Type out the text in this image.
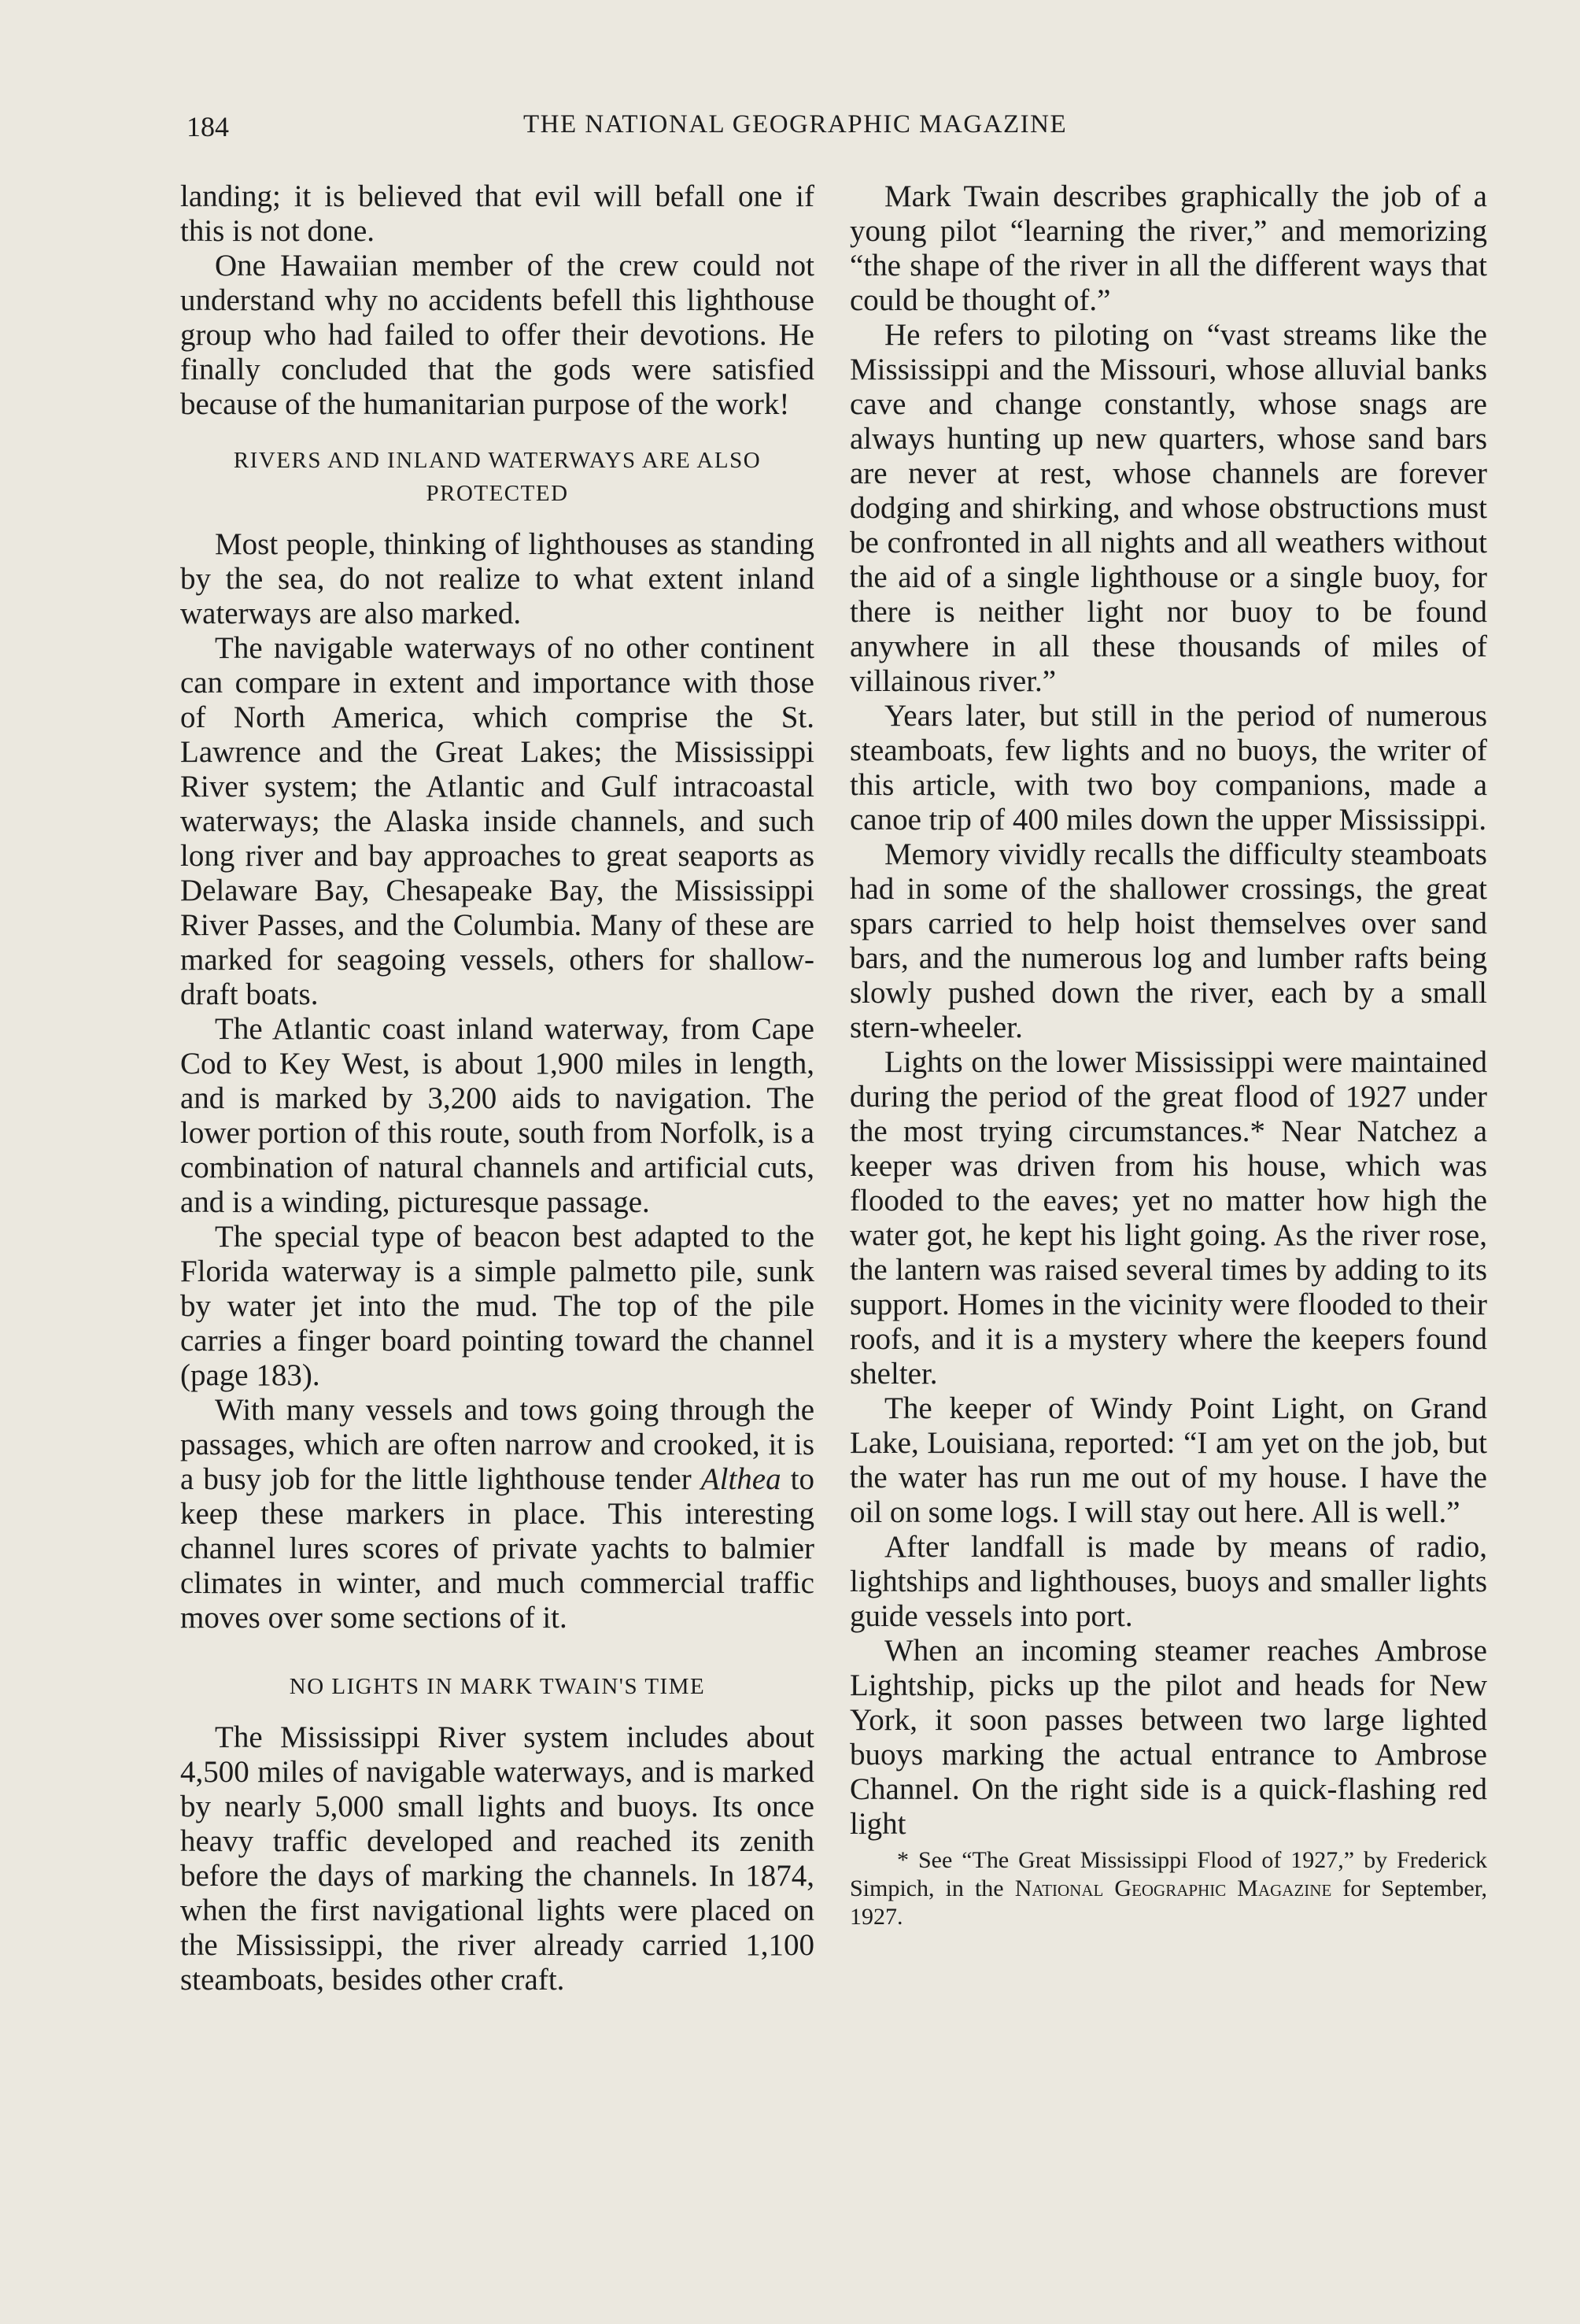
184	THE NATIONAL GEOGRAPHIC MAGAZINE

landing; it is believed that evil will befall one if this is not done.

One Hawaiian member of the crew could not understand why no accidents befell this lighthouse group who had failed to offer their devotions. He finally concluded that the gods were satisfied because of the humanitarian purpose of the work!

RIVERS AND INLAND WATERWAYS ARE ALSO PROTECTED

Most people, thinking of lighthouses as standing by the sea, do not realize to what extent inland waterways are also marked.

The navigable waterways of no other continent can compare in extent and importance with those of North America, which comprise the St. Lawrence and the Great Lakes; the Mississippi River system; the Atlantic and Gulf intracoastal waterways; the Alaska inside channels, and such long river and bay approaches to great seaports as Delaware Bay, Chesapeake Bay, the Mississippi River Passes, and the Columbia. Many of these are marked for seagoing vessels, others for shallow-draft boats.

The Atlantic coast inland waterway, from Cape Cod to Key West, is about 1,900 miles in length, and is marked by 3,200 aids to navigation. The lower portion of this route, south from Norfolk, is a combination of natural channels and artificial cuts, and is a winding, picturesque passage.

The special type of beacon best adapted to the Florida waterway is a simple palmetto pile, sunk by water jet into the mud. The top of the pile carries a finger board pointing toward the channel (page 183).

With many vessels and tows going through the passages, which are often narrow and crooked, it is a busy job for the little lighthouse tender Althea to keep these markers in place. This interesting channel lures scores of private yachts to balmier climates in winter, and much commercial traffic moves over some sections of it.

NO LIGHTS IN MARK TWAIN'S TIME

The Mississippi River system includes about 4,500 miles of navigable waterways, and is marked by nearly 5,000 small lights and buoys. Its once heavy traffic developed and reached its zenith before the days of marking the channels. In 1874, when the first navigational lights were placed on the Mississippi, the river already carried 1,100 steamboats, besides other craft.

Mark Twain describes graphically the job of a young pilot “learning the river,” and memorizing “the shape of the river in all the different ways that could be thought of.”

He refers to piloting on “vast streams like the Mississippi and the Missouri, whose alluvial banks cave and change constantly, whose snags are always hunting up new quarters, whose sand bars are never at rest, whose channels are forever dodging and shirking, and whose obstructions must be confronted in all nights and all weathers without the aid of a single lighthouse or a single buoy, for there is neither light nor buoy to be found anywhere in all these thousands of miles of villainous river.”

Years later, but still in the period of numerous steamboats, few lights and no buoys, the writer of this article, with two boy companions, made a canoe trip of 400 miles down the upper Mississippi.

Memory vividly recalls the difficulty steamboats had in some of the shallower crossings, the great spars carried to help hoist themselves over sand bars, and the numerous log and lumber rafts being slowly pushed down the river, each by a small stern-wheeler.

Lights on the lower Mississippi were maintained during the period of the great flood of 1927 under the most trying circumstances.* Near Natchez a keeper was driven from his house, which was flooded to the eaves; yet no matter how high the water got, he kept his light going. As the river rose, the lantern was raised several times by adding to its support. Homes in the vicinity were flooded to their roofs, and it is a mystery where the keepers found shelter.

The keeper of Windy Point Light, on Grand Lake, Louisiana, reported: “I am yet on the job, but the water has run me out of my house. I have the oil on some logs. I will stay out here. All is well.”

After landfall is made by means of radio, lightships and lighthouses, buoys and smaller lights guide vessels into port.

When an incoming steamer reaches Ambrose Lightship, picks up the pilot and heads for New York, it soon passes between two large lighted buoys marking the actual entrance to Ambrose Channel. On the right side is a quick-flashing red light

* See “The Great Mississippi Flood of 1927,” by Frederick Simpich, in the National Geographic Magazine for September, 1927.
